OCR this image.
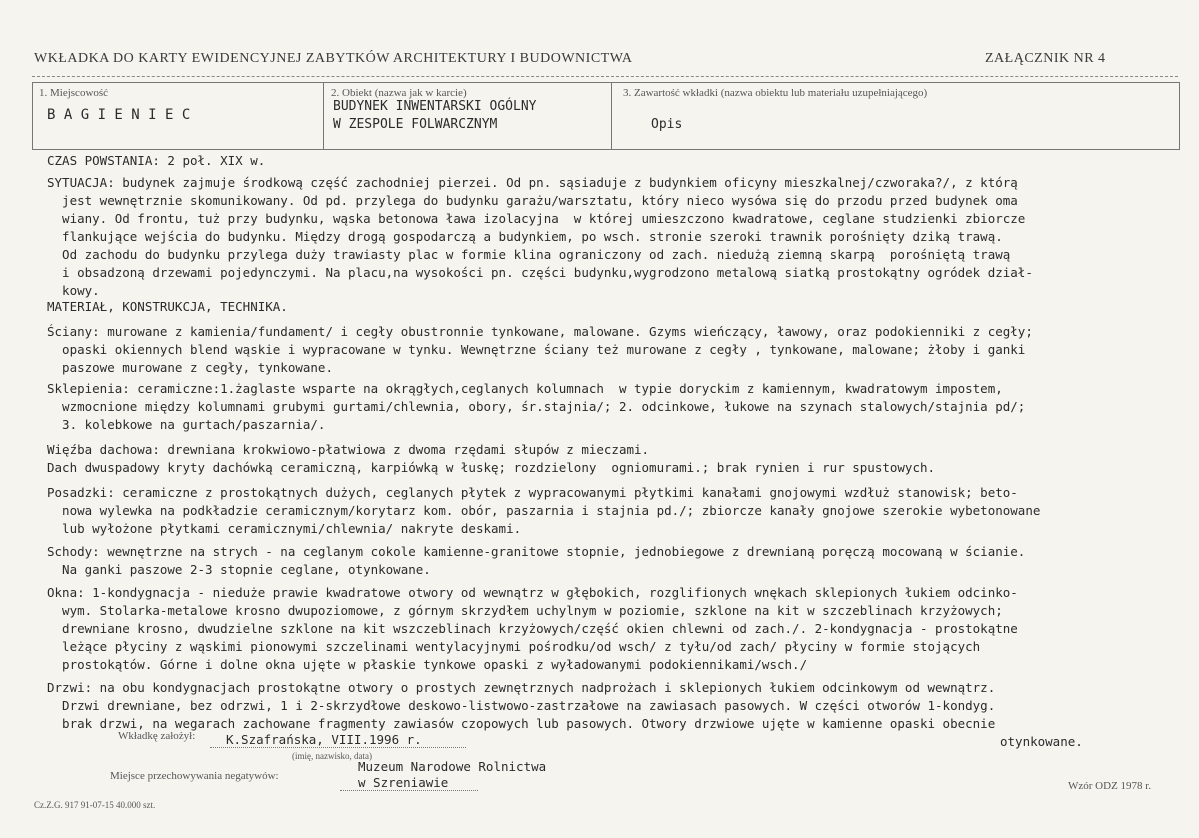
WKŁADKA DO KARTY EWIDENCYJNEJ ZABYTKÓW ARCHITEKTURY I BUDOWNICTWA	ZAŁĄCZNIK NR 4
1. Miejscowość
B A G I E N I E C
2. Obiekt (nazwa jak w karcie)
BUDYNEK INWENTARSKI OGÓLNY
W ZESPOLE FOLWARCZNYM
3. Zawartość wkładki (nazwa obiektu lub materiału uzupełniającego)
Opis
CZAS POWSTANIA: 2 poł. XIX w.
SYTUACJA: budynek zajmuje środkową część zachodniej pierzei. Od pn. sąsiaduje z budynkiem oficyny mieszkalnej/czworaka?/, z którą
jest wewnętrznie skomunikowany. Od pd. przylega do budynku garażu/warsztatu, który nieco wysówa się do przodu przed budynek oma
wiany. Od frontu, tuż przy budynku, wąska betonowa ława izolacyjna  w której umieszczono kwadratowe, ceglane studzienki zbiorcze
flankujące wejścia do budynku. Między drogą gospodarczą a budynkiem, po wsch. stronie szeroki trawnik porośnięty dziką trawą.
Od zachodu do budynku przylega duży trawiasty plac w formie klina ograniczony od zach. niedużą ziemną skarpą  porośniętą trawą
i obsadzoną drzewami pojedynczymi. Na placu,na wysokości pn. części budynku,wygrodzono metalową siatką prostokątny ogródek dział-
kowy.
MATERIAŁ, KONSTRUKCJA, TECHNIKA.
Ściany: murowane z kamienia/fundament/ i cegły obustronnie tynkowane, malowane. Gzyms wieńczący, ławowy, oraz podokienniki z cegły;
opaski okiennych blend wąskie i wypracowane w tynku. Wewnętrzne ściany też murowane z cegły , tynkowane, malowane; żłoby i ganki
paszowe murowane z cegły, tynkowane.
Sklepienia: ceramiczne:1.żaglaste wsparte na okrągłych,ceglanych kolumnach  w typie doryckim z kamiennym, kwadratowym impostem,
wzmocnione między kolumnami grubymi gurtami/chlewnia, obory, śr.stajnia/; 2. odcinkowe, łukowe na szynach stalowych/stajnia pd/;
3. kolebkowe na gurtach/paszarnia/.
Więźba dachowa: drewniana krokwiowo-płatwiowa z dwoma rzędami słupów z mieczami.
Dach dwuspadowy kryty dachówką ceramiczną, karpiówką w łuskę; rozdzielony  ogniomurami.; brak rynien i rur spustowych.
Posadzki: ceramiczne z prostokątnych dużych, ceglanych płytek z wypracowanymi płytkimi kanałami gnojowymi wzdłuż stanowisk; beto-
nowa wylewka na podkładzie ceramicznym/korytarz kom. obór, paszarnia i stajnia pd./; zbiorcze kanały gnojowe szerokie wybetonowane
lub wyłożone płytkami ceramicznymi/chlewnia/ nakryte deskami.
Schody: wewnętrzne na strych - na ceglanym cokole kamienne-granitowe stopnie, jednobiegowe z drewnianą poręczą mocowaną w ścianie.
Na ganki paszowe 2-3 stopnie ceglane, otynkowane.
Okna: 1-kondygnacja - nieduże prawie kwadratowe otwory od wewnątrz w głębokich, rozglifionych wnękach sklepionych łukiem odcinko-
wym. Stolarka-metalowe krosno dwupoziomowe, z górnym skrzydłem uchylnym w poziomie, szklone na kit w szczeblinach krzyżowych;
drewniane krosno, dwudzielne szklone na kit wszczeblinach krzyżowych/część okien chlewni od zach./. 2-kondygnacja - prostokątne
leżące płyciny z wąskimi pionowymi szczelinami wentylacyjnymi pośrodku/od wsch/ z tyłu/od zach/ płyciny w formie stojących
prostokątów. Górne i dolne okna ujęte w płaskie tynkowe opaski z wyładowanymi podokiennikami/wsch./
Drzwi: na obu kondygnacjach prostokątne otwory o prostych zewnętrznych nadprożach i sklepionych łukiem odcinkowym od wewnątrz.
Drzwi drewniane, bez odrzwi, 1 i 2-skrzydłowe deskowo-listwowo-zastrzałowe na zawiasach pasowych. W części otworów 1-kondyg.
brak drzwi, na wegarach zachowane fragmenty zawiasów czopowych lub pasowych. Otwory drzwiowe ujęte w kamienne opaski obecnie
otynkowane.
Wkładkę założył:	K.Szafrańska, VIII.1996 r.
(imię, nazwisko, data)
Miejsce przechowywania negatywów:
Muzeum Narodowe Rolnictwa
w Szreniawie
Cz.Z.G. 917 91-07-15 40.000 szt.
Wzór ODZ 1978 r.
